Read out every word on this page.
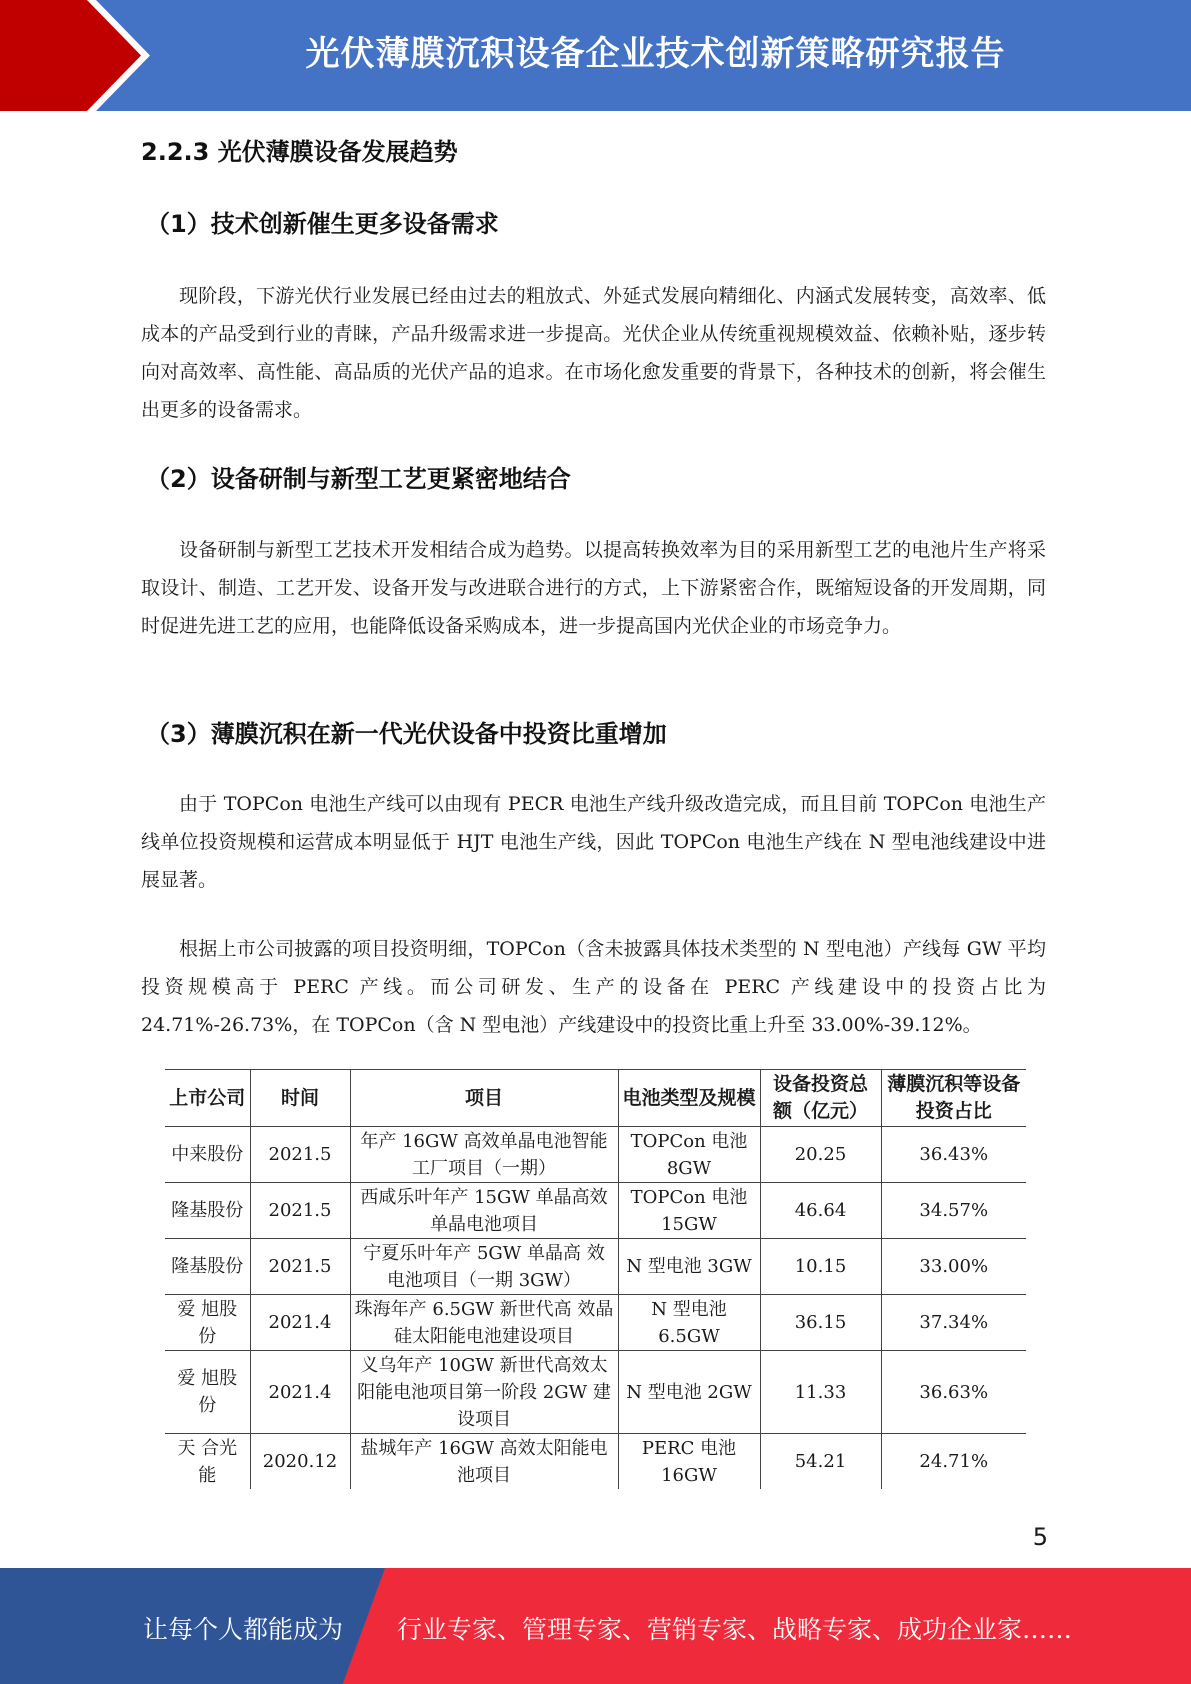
光伏薄膜沉积设备企业技术创新策略研究报告
2.2.3 光伏薄膜设备发展趋势
（1）技术创新催生更多设备需求

现阶段，下游光伏行业发展已经由过去的粗放式、外延式发展向精细化、内涵式发展转变，高效率、低成本的产品受到行业的青睐，产品升级需求进一步提高。光伏企业从传统重视规模效益、依赖补贴，逐步转向对高效率、高性能、高品质的光伏产品的追求。在市场化愈发重要的背景下，各种技术的创新，将会催生出更多的设备需求。

（2）设备研制与新型工艺更紧密地结合

设备研制与新型工艺技术开发相结合成为趋势。以提高转换效率为目的采用新型工艺的电池片生产将采取设计、制造、工艺开发、设备开发与改进联合进行的方式，上下游紧密合作，既缩短设备的开发周期，同时促进先进工艺的应用，也能降低设备采购成本，进一步提高国内光伏企业的市场竞争力。

（3）薄膜沉积在新一代光伏设备中投资比重增加

由于 TOPCon 电池生产线可以由现有 PECR 电池生产线升级改造完成，而且目前 TOPCon 电池生产线单位投资规模和运营成本明显低于 HJT 电池生产线，因此 TOPCon 电池生产线在 N 型电池线建设中进展显著。

根据上市公司披露的项目投资明细，TOPCon（含未披露具体技术类型的 N 型电池）产线每 GW 平均投资规模高于 PERC 产线。而公司研发、生产的设备在 PERC 产线建设中的投资占比为 24.71%-26.73%，在 TOPCon（含 N 型电池）产线建设中的投资比重上升至 33.00%-39.12%。

上市公司	时间	项目	电池类型及规模	设备投资总额（亿元）	薄膜沉积等设备投资占比
中来股份	2021.5	年产 16GW 高效单晶电池智能工厂项目（一期）	TOPCon 电池 8GW	20.25	36.43%
隆基股份	2021.5	西咸乐叶年产 15GW 单晶高效单晶电池项目	TOPCon 电池 15GW	46.64	34.57%
隆基股份	2021.5	宁夏乐叶年产 5GW 单晶高 效电池项目（一期 3GW）	N 型电池 3GW	10.15	33.00%
爱 旭股份	2021.4	珠海年产 6.5GW 新世代高 效晶硅太阳能电池建设项目	N 型电池 6.5GW	36.15	37.34%
爱 旭股份	2021.4	义乌年产 10GW 新世代高效太阳能电池项目第一阶段 2GW 建设项目	N 型电池 2GW	11.33	36.63%
天 合光能	2020.12	盐城年产 16GW 高效太阳能电池项目	PERC 电池 16GW	54.21	24.71%
5
让每个人都能成为 行业专家、管理专家、营销专家、战略专家、成功企业家……
